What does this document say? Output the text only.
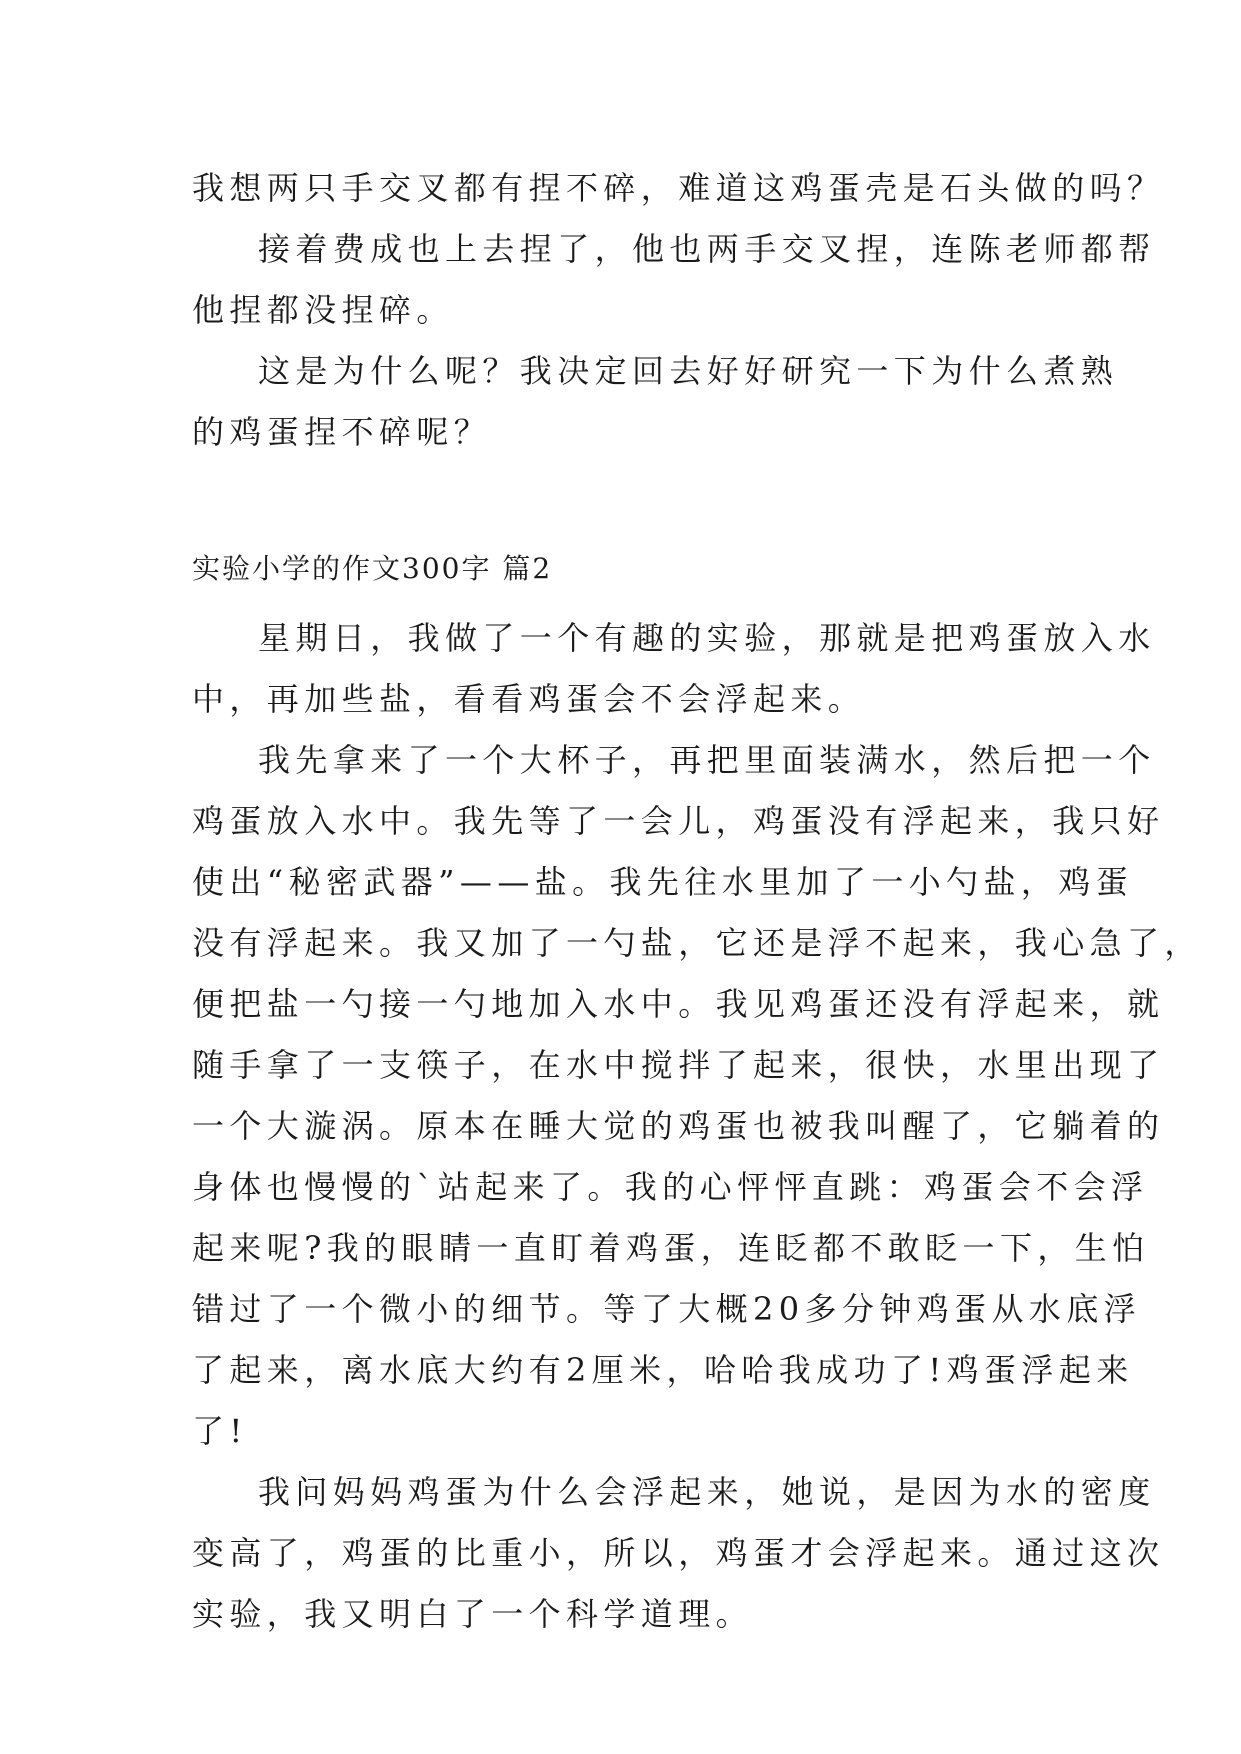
我想两只手交叉都有捏不碎，难道这鸡蛋壳是石头做的吗？
接着费成也上去捏了，他也两手交叉捏，连陈老师都帮
他捏都没捏碎。
这是为什么呢？我决定回去好好研究一下为什么煮熟
的鸡蛋捏不碎呢？
实验小学的作文300字 篇2
星期日，我做了一个有趣的实验，那就是把鸡蛋放入水
中，再加些盐，看看鸡蛋会不会浮起来。
我先拿来了一个大杯子，再把里面装满水，然后把一个
鸡蛋放入水中。我先等了一会儿，鸡蛋没有浮起来，我只好
使出“秘密武器”——盐。我先往水里加了一小勺盐，鸡蛋
没有浮起来。我又加了一勺盐，它还是浮不起来，我心急了，
便把盐一勺接一勺地加入水中。我见鸡蛋还没有浮起来，就
随手拿了一支筷子，在水中搅拌了起来，很快，水里出现了
一个大漩涡。原本在睡大觉的鸡蛋也被我叫醒了，它躺着的
身体也慢慢的`站起来了。我的心怦怦直跳：鸡蛋会不会浮
起来呢?我的眼睛一直盯着鸡蛋，连眨都不敢眨一下，生怕
错过了一个微小的细节。等了大概20多分钟鸡蛋从水底浮
了起来，离水底大约有2厘米，哈哈我成功了!鸡蛋浮起来
了!
我问妈妈鸡蛋为什么会浮起来，她说，是因为水的密度
变高了，鸡蛋的比重小，所以，鸡蛋才会浮起来。通过这次
实验，我又明白了一个科学道理。
